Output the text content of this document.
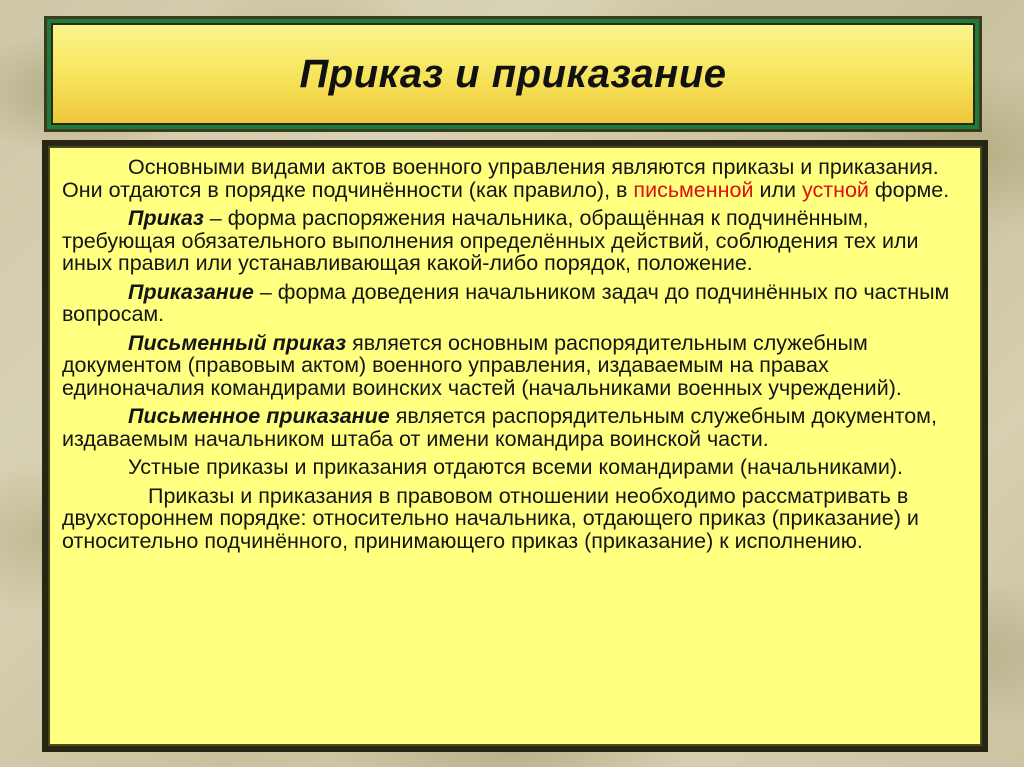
Приказ и приказание

Основными видами актов военного управления являются приказы и приказания. Они отдаются в порядке подчинённости (как правило), в письменной или устной форме.

Приказ – форма распоряжения начальника, обращённая к подчинённым, требующая обязательного выполнения определённых действий, соблюдения тех или иных правил или устанавливающая какой-либо порядок, положение.

Приказание – форма доведения начальником задач до подчинённых по частным вопросам.

Письменный приказ является основным распорядительным служебным документом (правовым актом) военного управления, издаваемым на правах единоначалия командирами воинских частей (начальниками военных учреждений).

Письменное приказание является распорядительным служебным документом, издаваемым начальником штаба от имени командира воинской части.

Устные приказы и приказания отдаются всеми командирами (начальниками).

Приказы и приказания в правовом отношении необходимо рассматривать в двухстороннем порядке: относительно начальника, отдающего приказ (приказание) и относительно подчинённого, принимающего приказ (приказание) к исполнению.
